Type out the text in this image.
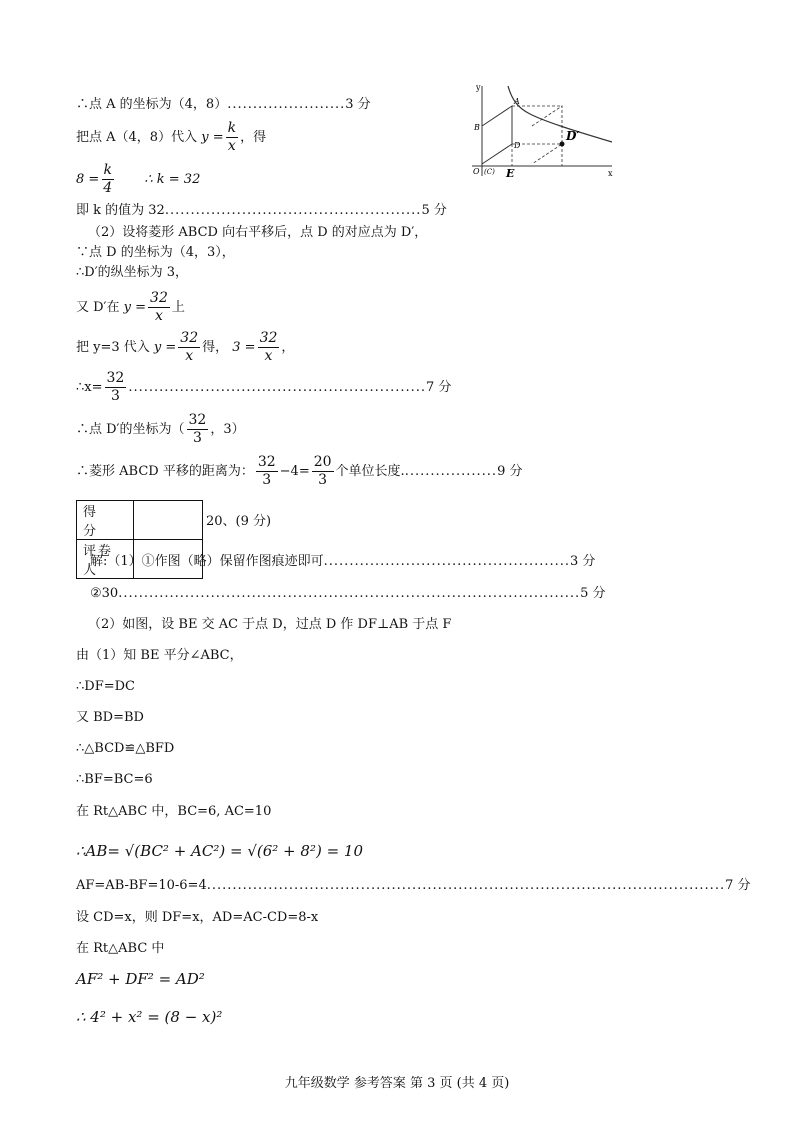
y
A
B
D
D′
O (C) E	x
∴点 A 的坐标为（4，8）.......................3 分
把点 A（4，8）代入 $y = \frac{k}{x}$ ，得
$8 = \frac{k}{4}$ ∴ k = 32
即 k 的值为 32..................................................5 分
（2）设将菱形 ABCD 向右平移后，点 D 的对应点为 D′，
∵点 D 的坐标为（4，3），
∴D′的纵坐标为 3，
又 D′在 $y = \frac{32}{x}$ 上
把 y=3 代入 $y = \frac{32}{x}$ 得， $3 = \frac{32}{x}$ ，
∴x= $\frac{32}{3} ..........................................................7$ 分
∴点 D′的坐标为（ $\frac{32}{3}$ ，3）
∴菱形 ABCD 平移的距离为： $\frac{32}{3} -4= \frac{20}{3}$ 个单位长度...................9 分
得　分	
评卷人	
20、(9 分)
解:（1）①作图（略）保留作图痕迹即可................................................3 分
②30..........................................................................................5 分
（2）如图，设 BE 交 AC 于点 D，过点 D 作 DF⊥AB 于点 F
由（1）知 BE 平分∠ABC，
∴DF=DC
又 BD=BD
∴△BCD≌△BFD
∴BF=BC=6
在 Rt△ABC 中，BC=6, AC=10
∴AB= √(BC² + AC²) = √(6² + 8²) = 10
AF=AB-BF=10-6=4.....................................................................................................7 分
设 CD=x，则 DF=x，AD=AC-CD=8-x
在 Rt△ABC 中
AF² + DF² = AD²
∴ 4² + x² = (8 − x)²
九年级数学 参考答案 第 3 页 (共 4 页)
